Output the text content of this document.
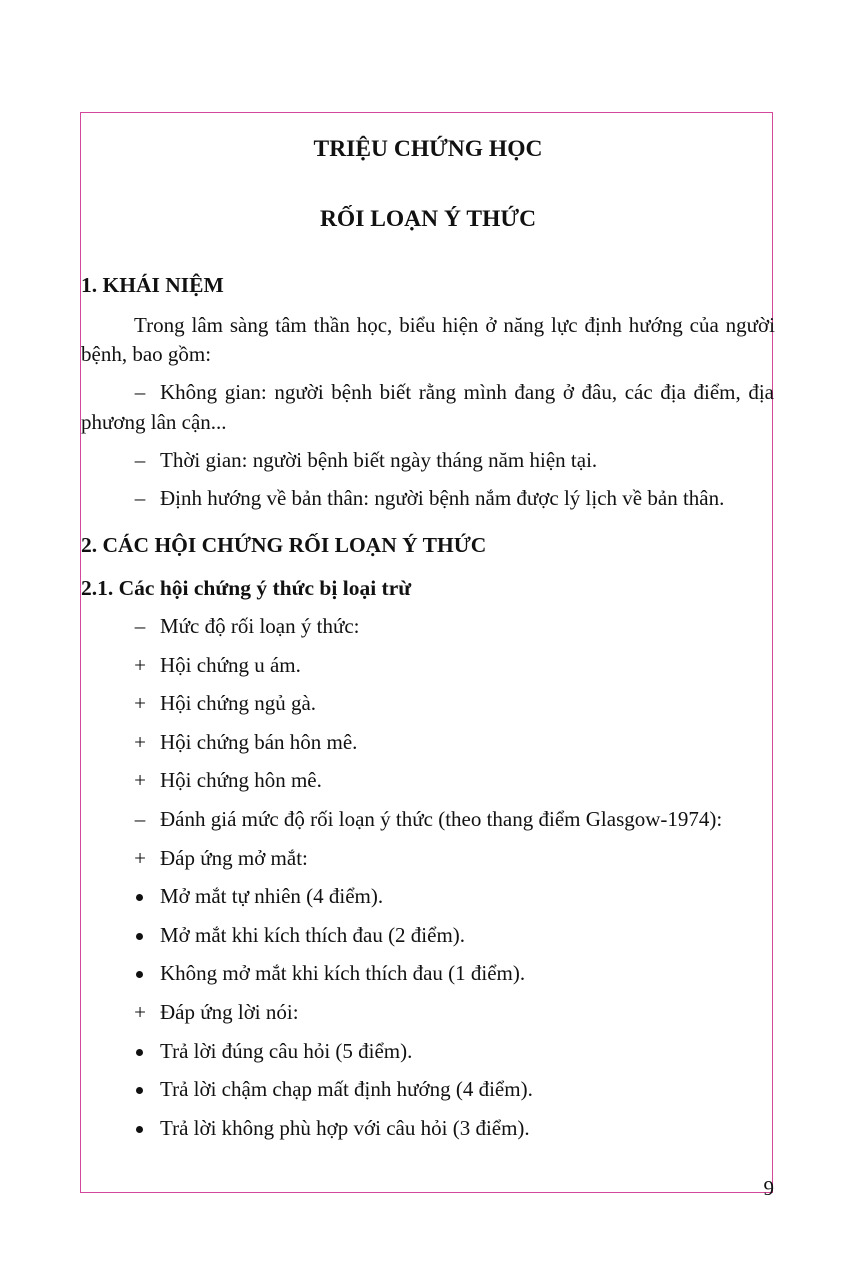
TRIỆU CHỨNG HỌC
RỐI LOẠN Ý THỨC
1. KHÁI NIỆM
Trong lâm sàng tâm thần học, biểu hiện ở năng lực định hướng của người
bệnh, bao gồm:
– Không gian: người bệnh biết rằng mình đang ở đâu, các địa điểm, địa
phương lân cận...
– Thời gian: người bệnh biết ngày tháng năm hiện tại.
– Định hướng về bản thân: người bệnh nắm được lý lịch về bản thân.
2. CÁC HỘI CHỨNG RỐI LOẠN Ý THỨC
2.1. Các hội chứng ý thức bị loại trừ
– Mức độ rối loạn ý thức:
+ Hội chứng u ám.
+ Hội chứng ngủ gà.
+ Hội chứng bán hôn mê.
+ Hội chứng hôn mê.
– Đánh giá mức độ rối loạn ý thức (theo thang điểm Glasgow-1974):
+ Đáp ứng mở mắt:
Mở mắt tự nhiên (4 điểm).
Mở mắt khi kích thích đau (2 điểm).
Không mở mắt khi kích thích đau (1 điểm).
+ Đáp ứng lời nói:
Trả lời đúng câu hỏi (5 điểm).
Trả lời chậm chạp mất định hướng (4 điểm).
Trả lời không phù hợp với câu hỏi (3 điểm).
9
